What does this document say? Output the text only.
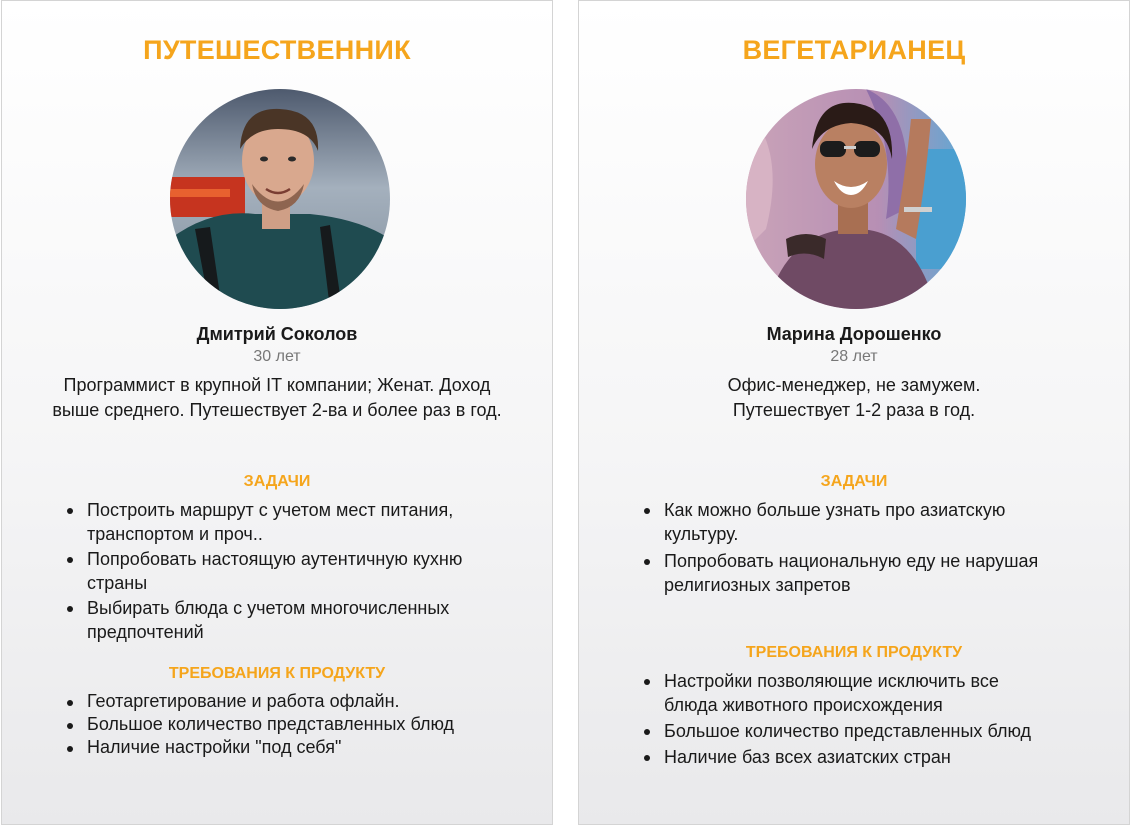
ПУТЕШЕСТВЕННИК
Дмитрий Соколов
30 лет
Программист в крупной IT компании; Женат. Доход выше среднего. Путешествует 2-ва и более раз в год.
ЗАДАЧИ
Построить маршрут с учетом мест питания, транспортом и проч..
Попробовать настоящую аутентичную кухню страны
Выбирать блюда с учетом многочисленных предпочтений
ТРЕБОВАНИЯ К ПРОДУКТУ
Геотаргетирование и работа офлайн.
Большое количество представленных блюд
Наличие настройки "под себя"
ВЕГЕТАРИАНЕЦ
Марина Дорошенко
28 лет
Офис-менеджер, не замужем. Путешествует 1-2 раза в год.
ЗАДАЧИ
Как можно больше узнать про азиатскую культуру.
Попробовать национальную еду не нарушая религиозных запретов
ТРЕБОВАНИЯ К ПРОДУКТУ
Настройки позволяющие исключить все блюда животного происхождения
Большое количество представленных блюд
Наличие баз всех азиатских стран
